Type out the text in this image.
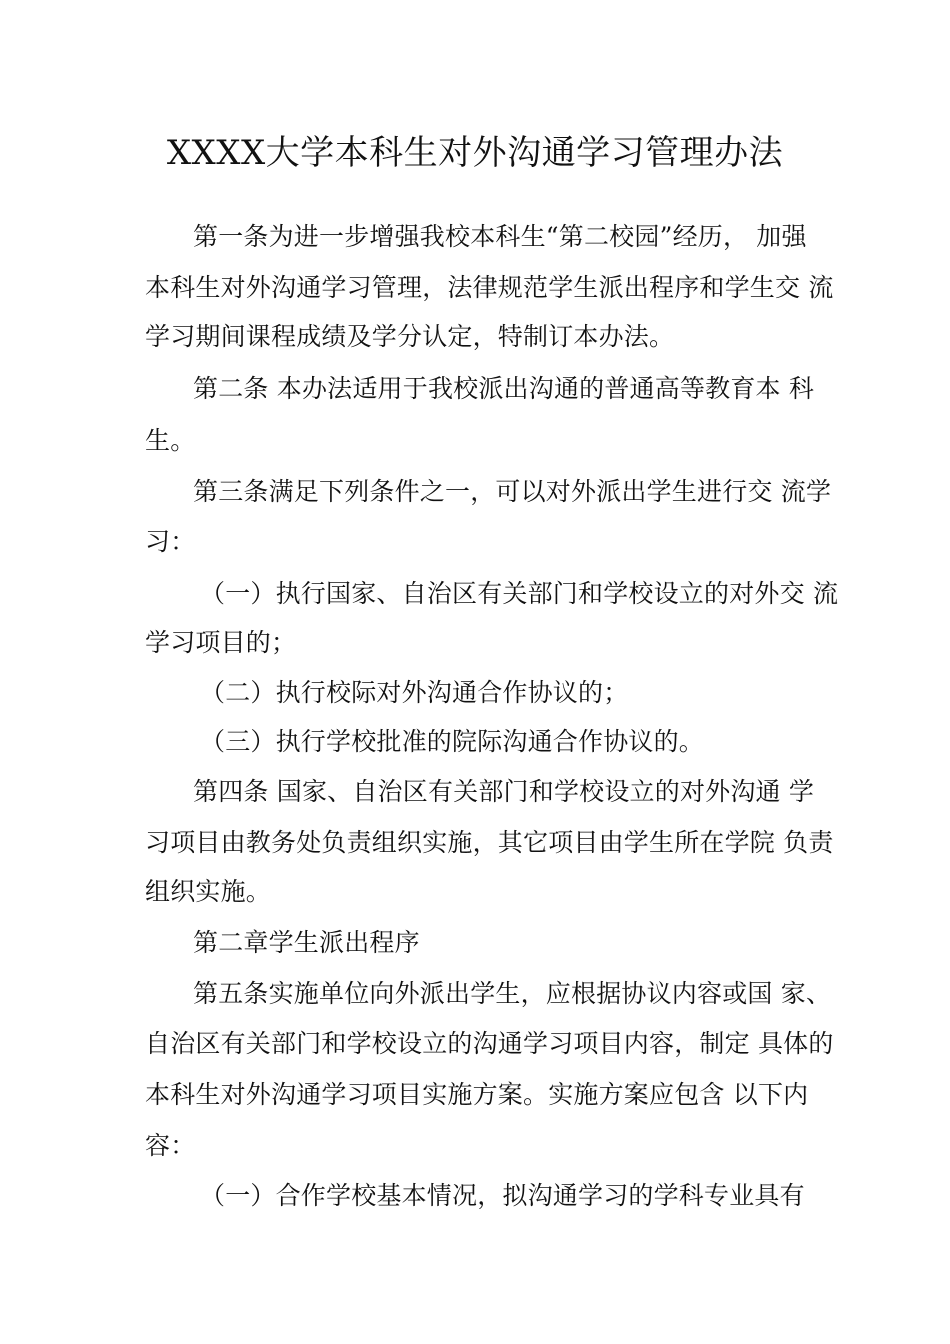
XXXX大学本科生对外沟通学习管理办法
第一条为进一步增强我校本科生“第二校园”经历， 加强
本科生对外沟通学习管理，法律规范学生派出程序和学生交 流
学习期间课程成绩及学分认定，特制订本办法。
第二条 本办法适用于我校派出沟通的普通高等教育本 科
生。
第三条满足下列条件之一，可以对外派出学生进行交 流学
习：
（一）执行国家、自治区有关部门和学校设立的对外交 流
学习项目的；
（二）执行校际对外沟通合作协议的；
（三）执行学校批准的院际沟通合作协议的。
第四条 国家、自治区有关部门和学校设立的对外沟通 学
习项目由教务处负责组织实施，其它项目由学生所在学院 负责
组织实施。
第二章学生派出程序
第五条实施单位向外派出学生，应根据协议内容或国 家、
自治区有关部门和学校设立的沟通学习项目内容，制定 具体的
本科生对外沟通学习项目实施方案。实施方案应包含 以下内
容：
（一）合作学校基本情况，拟沟通学习的学科专业具有
